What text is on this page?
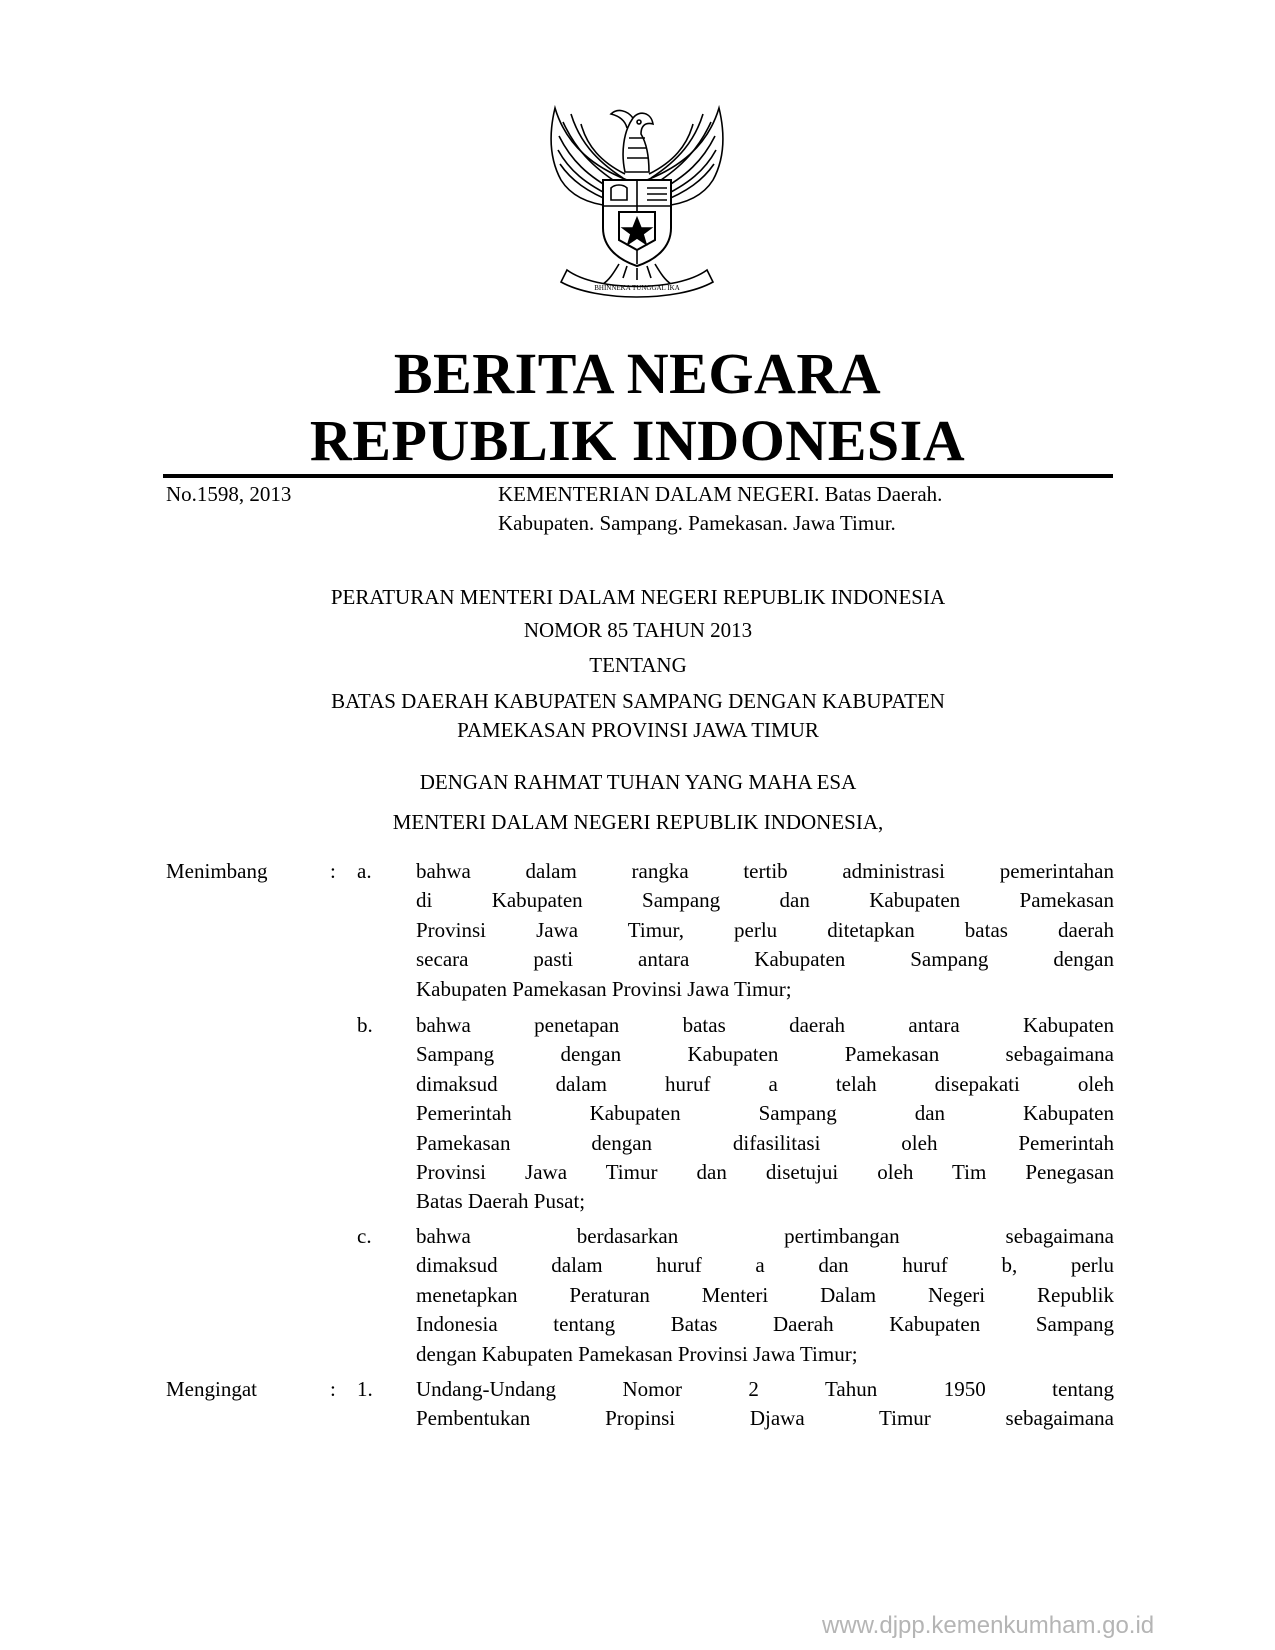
BHINNEKA TUNGGAL IKA
BERITA NEGARA
REPUBLIK INDONESIA
No.1598, 2013	KEMENTERIAN DALAM NEGERI. Batas Daerah.
Kabupaten. Sampang. Pamekasan. Jawa Timur.
PERATURAN MENTERI DALAM NEGERI REPUBLIK INDONESIA
NOMOR 85 TAHUN 2013
TENTANG
BATAS DAERAH KABUPATEN SAMPANG DENGAN KABUPATEN
PAMEKASAN PROVINSI JAWA TIMUR
DENGAN RAHMAT TUHAN YANG MAHA ESA
MENTERI DALAM NEGERI REPUBLIK INDONESIA,
Menimbang	: a. bahwa dalam rangka tertib administrasi pemerintahan
di Kabupaten Sampang dan Kabupaten Pamekasan
Provinsi Jawa Timur, perlu ditetapkan batas daerah
secara pasti antara Kabupaten Sampang dengan
Kabupaten Pamekasan Provinsi Jawa Timur;
b. bahwa penetapan batas daerah antara Kabupaten
Sampang dengan Kabupaten Pamekasan sebagaimana
dimaksud dalam huruf a telah disepakati oleh
Pemerintah Kabupaten Sampang dan Kabupaten
Pamekasan dengan difasilitasi oleh Pemerintah
Provinsi Jawa Timur dan disetujui oleh Tim Penegasan
Batas Daerah Pusat;
c. bahwa berdasarkan pertimbangan sebagaimana
dimaksud dalam huruf a dan huruf b, perlu
menetapkan Peraturan Menteri Dalam Negeri Republik
Indonesia tentang Batas Daerah Kabupaten Sampang
dengan Kabupaten Pamekasan Provinsi Jawa Timur;
Mengingat	: 1. Undang-Undang Nomor 2 Tahun 1950 tentang
Pembentukan Propinsi Djawa Timur sebagaimana
www.djpp.kemenkumham.go.id
